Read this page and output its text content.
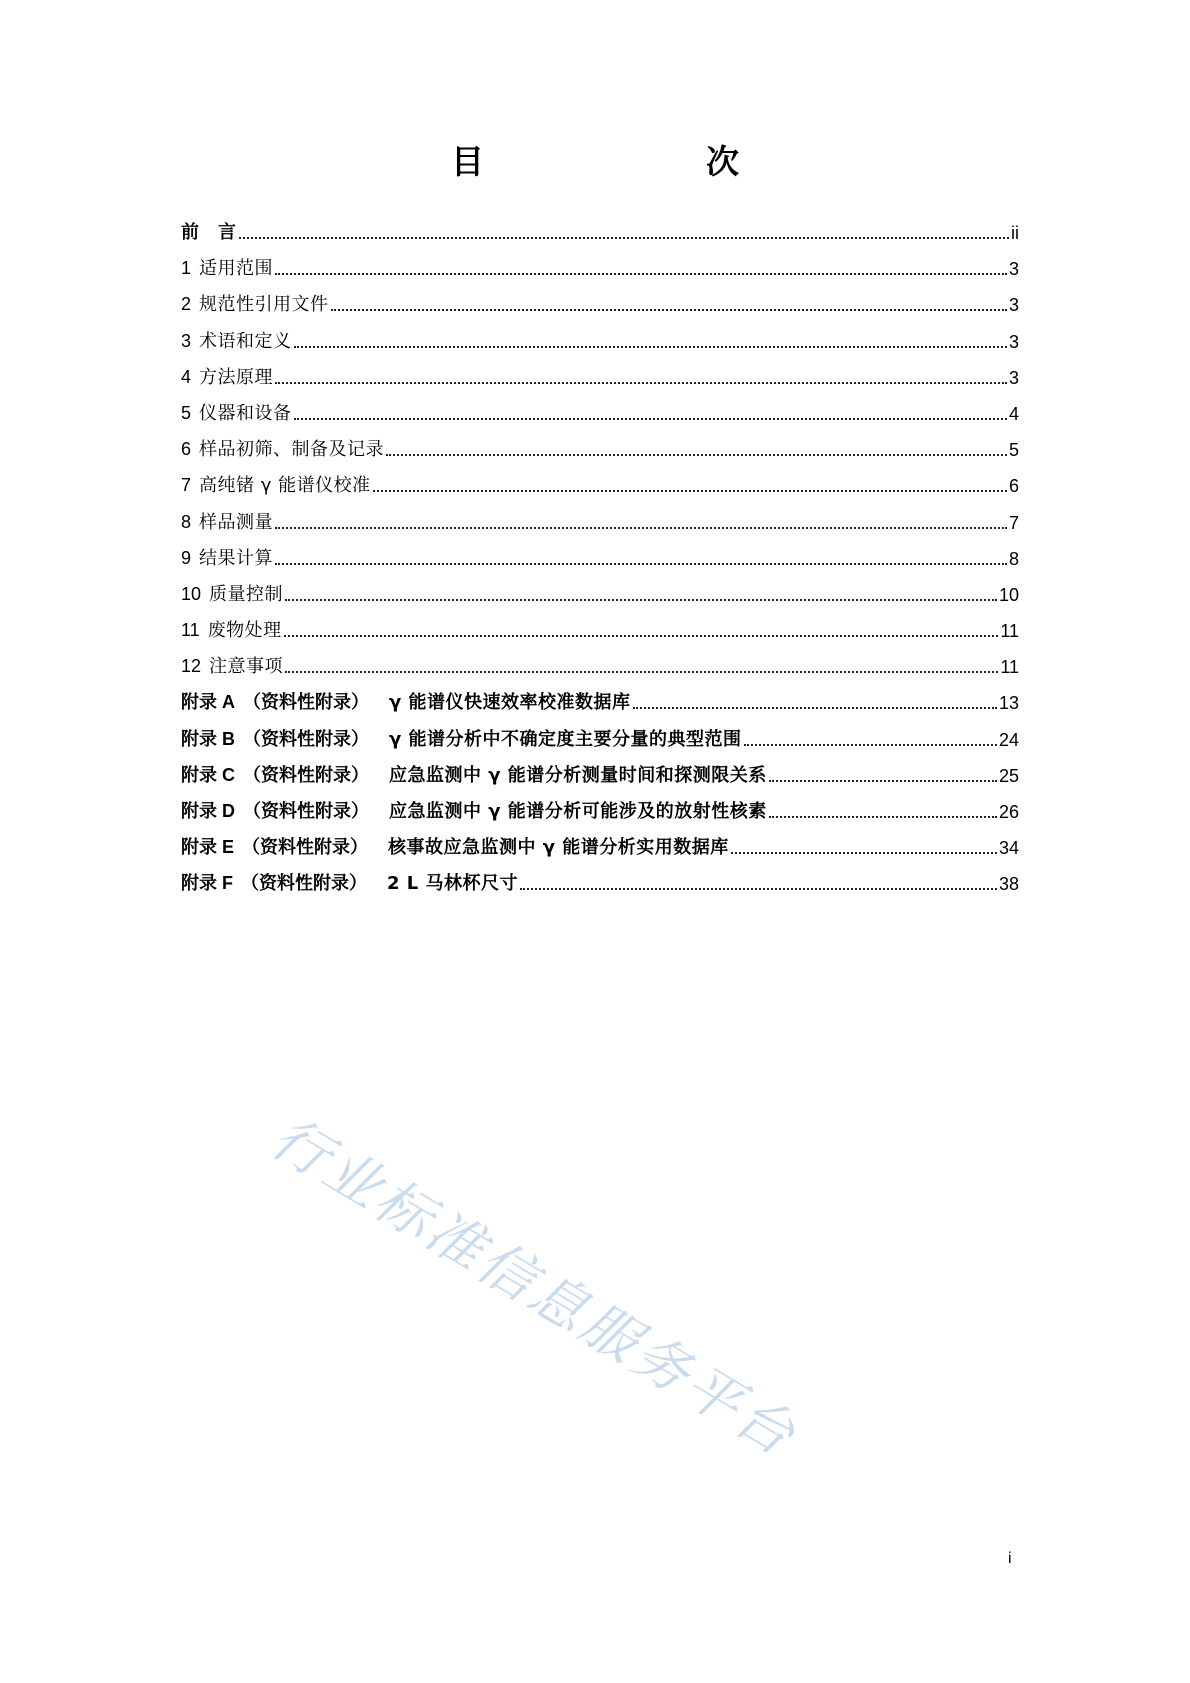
目　　次
前　言	ii
1 适用范围	3
2 规范性引用文件	3
3 术语和定义	3
4 方法原理	3
5 仪器和设备	4
6 样品初筛、制备及记录	5
7 高纯锗 γ 能谱仪校准	6
8 样品测量	7
9 结果计算	8
10 质量控制	10
11 废物处理	11
12 注意事项	11
附录 A （资料性附录） γ 能谱仪快速效率校准数据库	13
附录 B （资料性附录） γ 能谱分析中不确定度主要分量的典型范围	24
附录 C （资料性附录） 应急监测中 γ 能谱分析测量时间和探测限关系	25
附录 D （资料性附录） 应急监测中 γ 能谱分析可能涉及的放射性核素	26
附录 E （资料性附录） 核事故应急监测中 γ 能谱分析实用数据库	34
附录 F （资料性附录） 2 L 马林杯尺寸	38
行业标准信息服务平台
i
